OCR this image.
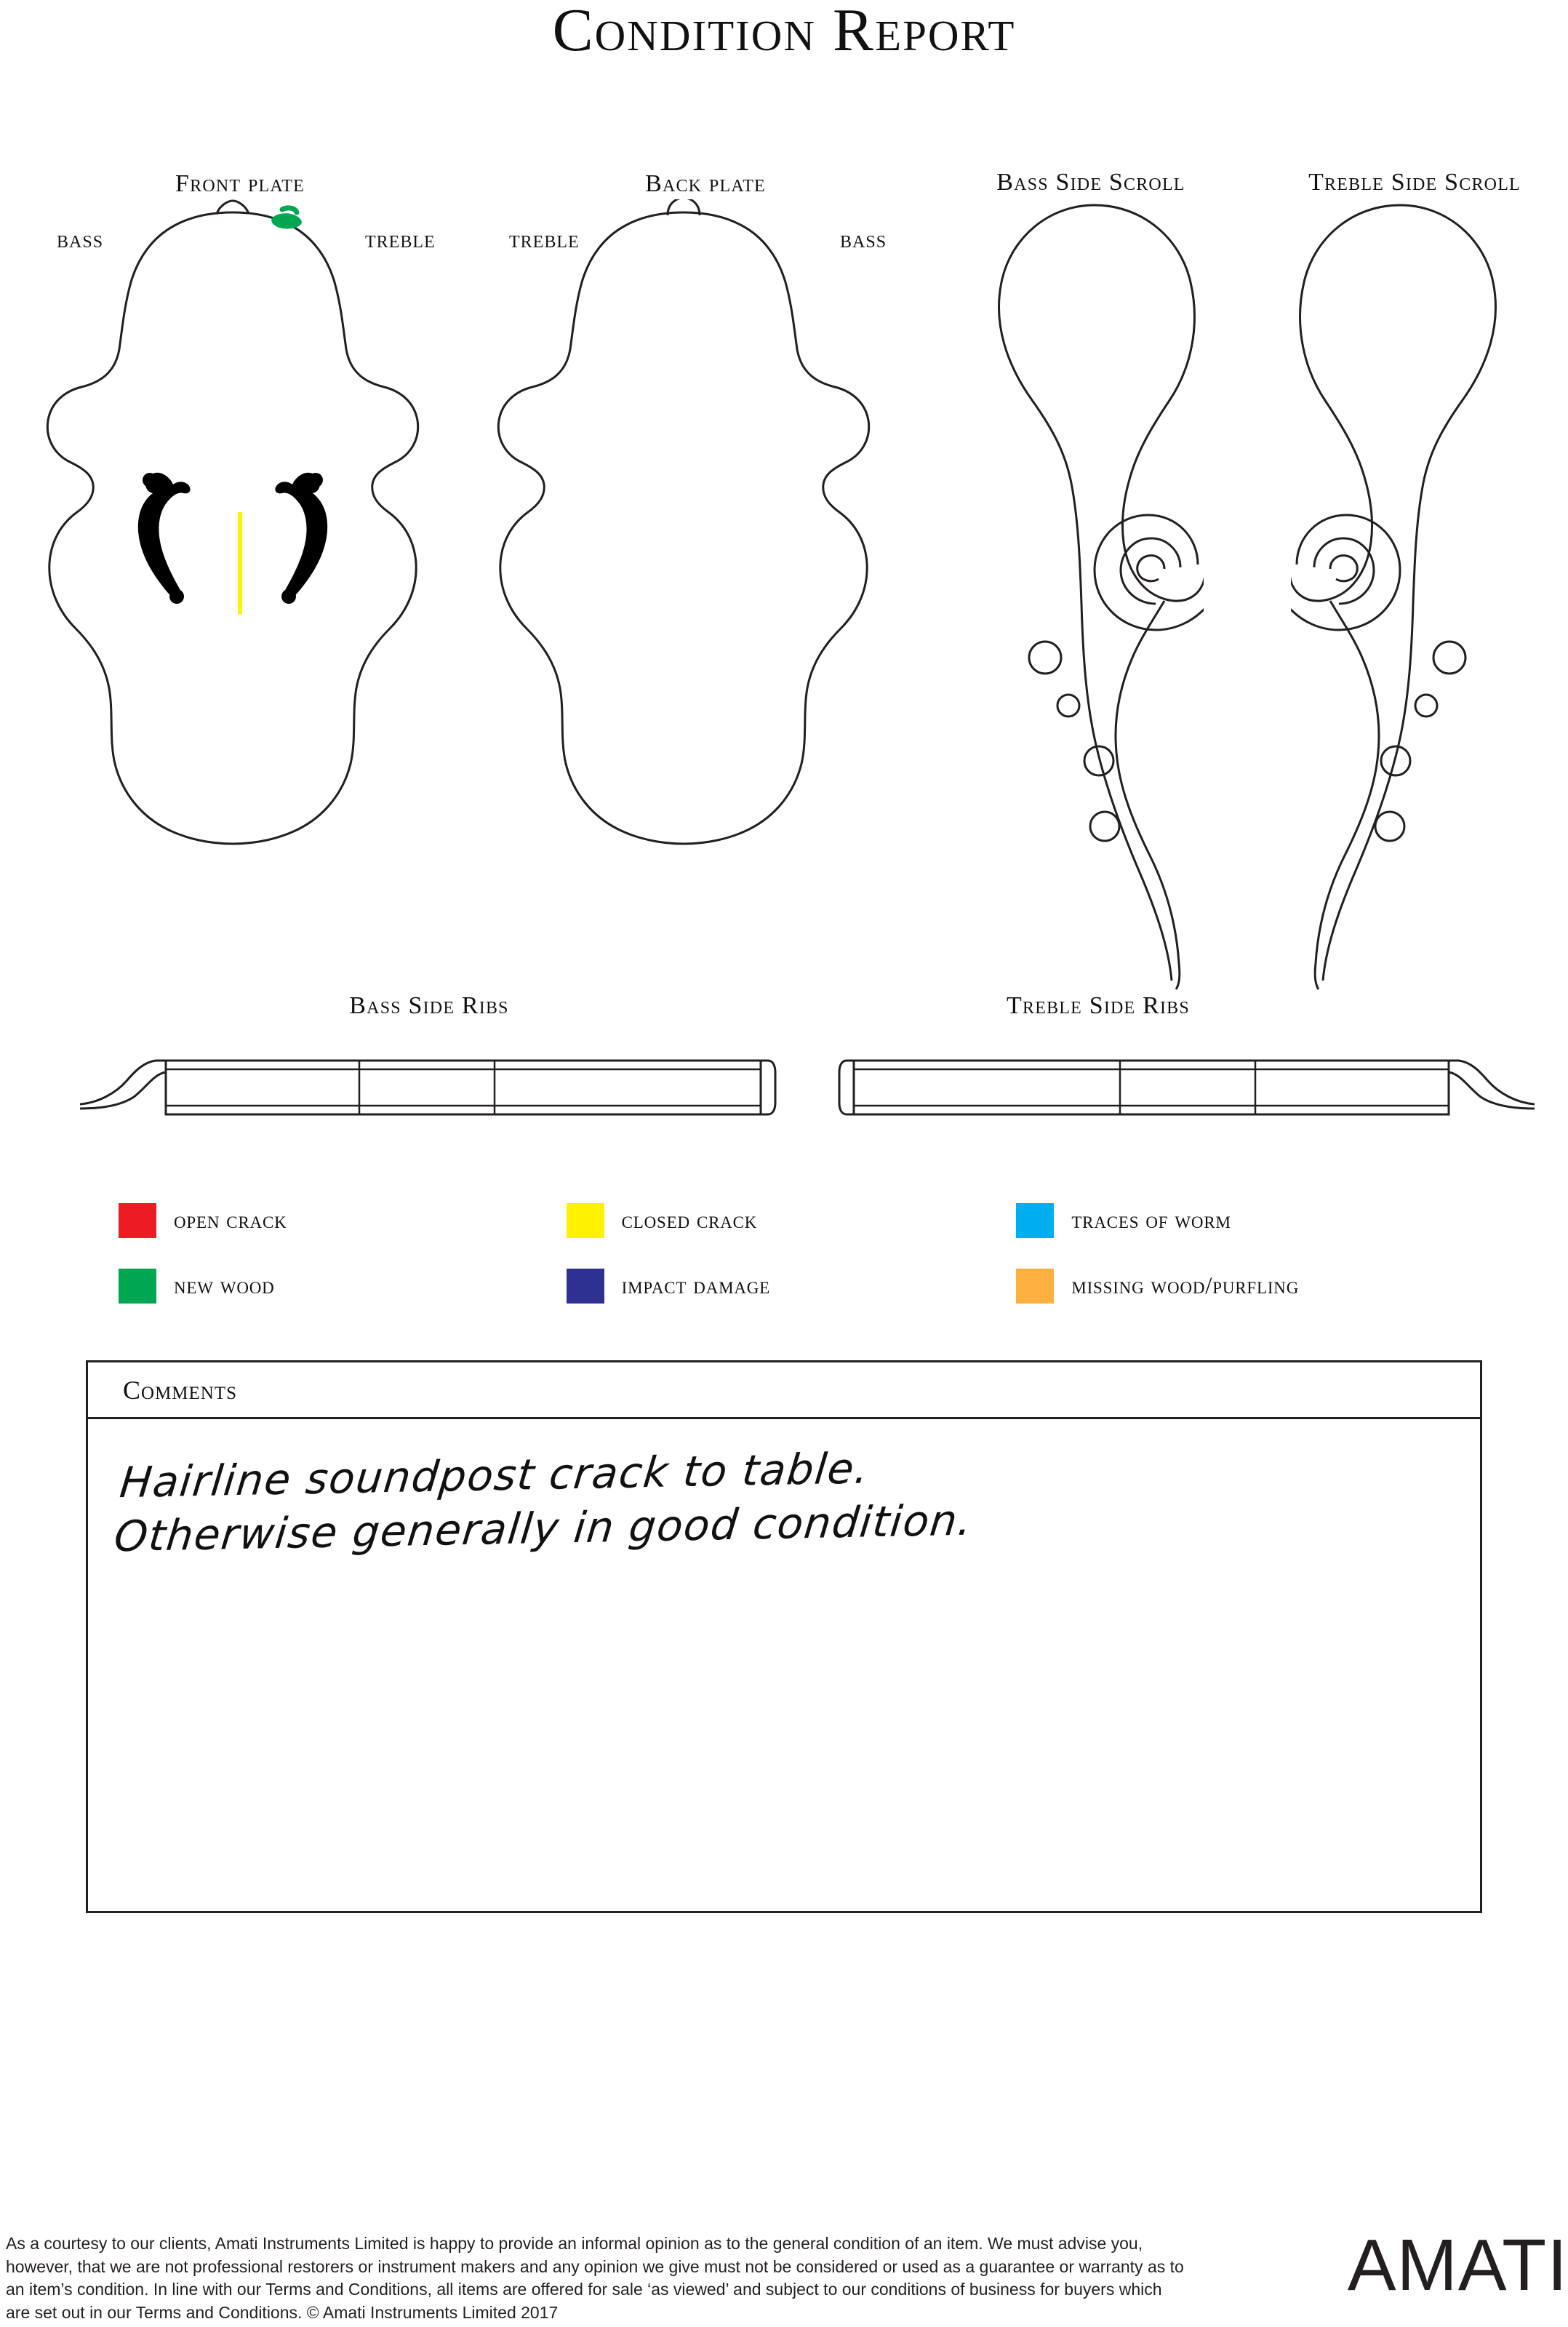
Condition Report
Front plate
BASS	TREBLE
Back plate
TREBLE	BASS
Bass Side Scroll	Treble Side Scroll
Bass Side Ribs	Treble Side Ribs
open crack	closed crack	traces of worm
new wood	impact damage	missing wood/purfling
Comments
Hairline soundpost crack to table.
Otherwise generally in good condition.
As a courtesy to our clients, Amati Instruments Limited is happy to provide an informal opinion as to the general condition of an item. We must advise you, however, that we are not professional restorers or instrument makers and any opinion we give must not be considered or used as a guarantee or warranty as to an item’s condition. In line with our Terms and Conditions, all items are offered for sale ‘as viewed’ and subject to our conditions of business for buyers which are set out in our Terms and Conditions. © Amati Instruments Limited 2017
AMATI
